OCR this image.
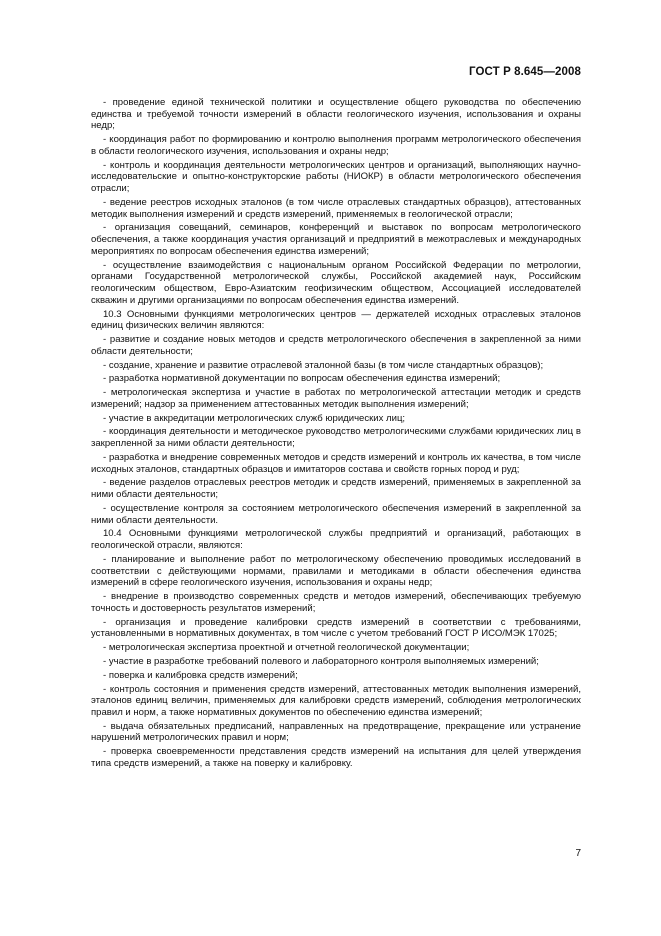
ГОСТ Р 8.645—2008

- проведение единой технической политики и осуществление общего руководства по обеспечению единства и требуемой точности измерений в области геологического изучения, использования и охраны недр;

- координация работ по формированию и контролю выполнения программ метрологического обеспечения в области геологического изучения, использования и охраны недр;

- контроль и координация деятельности метрологических центров и организаций, выполняющих научно-исследовательские и опытно-конструкторские работы (НИОКР) в области метрологического обеспечения отрасли;

- ведение реестров исходных эталонов (в том числе отраслевых стандартных образцов), аттестованных методик выполнения измерений и средств измерений, применяемых в геологической отрасли;

- организация совещаний, семинаров, конференций и выставок по вопросам метрологического обеспечения, а также координация участия организаций и предприятий в межотраслевых и международных мероприятиях по вопросам обеспечения единства измерений;

- осуществление взаимодействия с национальным органом Российской Федерации по метрологии, органами Государственной метрологической службы, Российской академией наук, Российским геологическим обществом, Евро-Азиатским геофизическим обществом, Ассоциацией исследователей скважин и другими организациями по вопросам обеспечения единства измерений.

10.3 Основными функциями метрологических центров — держателей исходных отраслевых эталонов единиц физических величин являются:

- развитие и создание новых методов и средств метрологического обеспечения в закрепленной за ними области деятельности;

- создание, хранение и развитие отраслевой эталонной базы (в том числе стандартных образцов);

- разработка нормативной документации по вопросам обеспечения единства измерений;

- метрологическая экспертиза и участие в работах по метрологической аттестации методик и средств измерений; надзор за применением аттестованных методик выполнения измерений;

- участие в аккредитации метрологических служб юридических лиц;

- координация деятельности и методическое руководство метрологическими службами юридических лиц в закрепленной за ними области деятельности;

- разработка и внедрение современных методов и средств измерений и контроль их качества, в том числе исходных эталонов, стандартных образцов и имитаторов состава и свойств горных пород и руд;

- ведение разделов отраслевых реестров методик и средств измерений, применяемых в закрепленной за ними области деятельности;

- осуществление контроля за состоянием метрологического обеспечения измерений в закрепленной за ними области деятельности.

10.4 Основными функциями метрологической службы предприятий и организаций, работающих в геологической отрасли, являются:

- планирование и выполнение работ по метрологическому обеспечению проводимых исследований в соответствии с действующими нормами, правилами и методиками в области обеспечения единства измерений в сфере геологического изучения, использования и охраны недр;

- внедрение в производство современных средств и методов измерений, обеспечивающих требуемую точность и достоверность результатов измерений;

- организация и проведение калибровки средств измерений в соответствии с требованиями, установленными в нормативных документах, в том числе с учетом требований ГОСТ Р ИСО/МЭК 17025;

- метрологическая экспертиза проектной и отчетной геологической документации;

- участие в разработке требований полевого и лабораторного контроля выполняемых измерений;

- поверка и калибровка средств измерений;

- контроль состояния и применения средств измерений, аттестованных методик выполнения измерений, эталонов единиц величин, применяемых для калибровки средств измерений, соблюдения метрологических правил и норм, а также нормативных документов по обеспечению единства измерений;

- выдача обязательных предписаний, направленных на предотвращение, прекращение или устранение нарушений метрологических правил и норм;

- проверка своевременности представления средств измерений на испытания для целей утверждения типа средств измерений, а также на поверку и калибровку.

7
